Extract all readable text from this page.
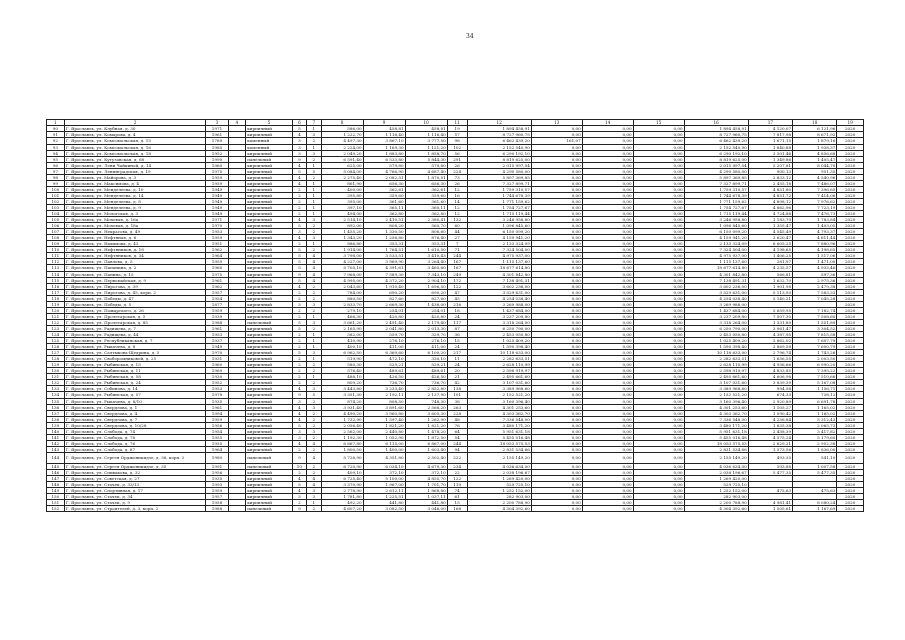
34
1	2	3	4	5	6	7	8	9	10	11	12	13	14	15	16	17	18	19
90	Г. Ярославль, ул. Клубная, д. 30	1971		кирпичный	5	1	586,00	458,81	458,81	19	1 894 458,91	0,00	0,00	0,00	1 894 458,91	4 120,07	6 121,96	2020
91	Г. Ярославль, ул. Комарова, д. 4	1961		кирпичный	4	3	1 222,70	1 116,40	1 116,40	57	8 727 960,75	0,00	0,00	0,00	8 727 960,75	7 817,98	8 671,92	2020
92	Г. Ярославль, ул. Комсомольская, д. 15	1789		каменный	3	2	4 497,30	3 867,10	3 777,50	98	6 462 439,20	161,07	0,00	0,00	6 462 439,20	1 671,15	1 879,16	2020
93	Г. Ярославль, ул. Комсомольская, д. 16	1985		каменный	3	1	2 224,00	1 169,30	1 121,20	102	2 152 540,90	0,00	0,00	0,00	2 152 540,90	1 840,88	1 938,37	2020
94	Г. Ярославль, ул. Комсомольская, д. 18	1952		кирпичный	3	3	2 049,20	1 883,80	1 858,70	56	6 290 192,10	0,00	0,00	0,00	6 290 192,10	3 501,46	4 856,68	2020
95	Г. Ярославль, ул. Кутузовская, д. 68	1990		панельный	9	2	6 591,40	6 533,80	5 844,30	291	8 819 625,00	0,00	0,00	0,00	8 819 625,00	1 349,86	1 405,47	2020
96	Г. Ярославль, ул. Лени Чайкиной, д. 14	1960		кирпичный	4	1	625,00	579,80	579,80	26	2 015 997,54	0,00	0,00	0,00	2 015 997,54	5 207,81	8 044,70	2020
97	Г. Ярославль, ул. Ленинградская, д. 19	1975		кирпичный	5	5	5 084,00	4 766,90	4 687,40	224	4 290 580,00	0,00	0,00	0,00	4 290 580,00	900,13	951,35	2020
98	Г. Ярославль, ул. Майорова, д. 3	1959		кирпичный	4	2	2 275,40	2 082,51	1 870,51	73	5 897 369,85	0,00	0,00	0,00	5 897 369,85	2 833,12	4 540,96	2020
99	Г. Ярославль, ул. Максимова, д. 4	1959		кирпичный	4	1	861,90	656,30	656,30	26	7 327 899,71	0,00	0,00	0,00	7 327 899,71	2 455,18	7 486,07	2020
100	Г. Ярославль, ул. Менделеева, д. 10	1949		кирпичный	2	1	400,00	362,61	362,61	12	1 759 310,57	0,00	0,00	0,00	1 759 310,57	4 851,80	7 396,65	2020
101	Г. Ярославль, ул. Менделеева, д. 14	1949		кирпичный	2	1	395,80	359,60	359,60	16	1 744 678,39	0,00	0,00	0,00	1 744 678,39	4 851,72	7 414,06	2020
102	Г. Ярославль, ул. Менделеева, д. 8	1949		кирпичный	2	1	395,00	361,60	361,60	14	1 771 159,62	0,00	0,00	0,00	1 771 159,62	4 898,12	7 976,62	2020
103	Г. Ярославль, ул. Менделеева, д. 9	1949		кирпичный	2	1	397,10	365,11	360,11	12	1 754 727,67	0,00	0,00	0,00	1 754 727,67	4 862,96	7 723,19	2020
104	Г. Ярославль, ул. Мологская, д. 3	1949		кирпичный	2	1	494,00	362,80	362,80	12	1 715 119,44	0,00	0,00	0,00	1 715 119,44	4 724,88	7 476,73	2020
105	Г. Ярославль, ул. Моховая, д. 16а	1971		кирпичный	4	3	2 514,10	2 410,51	2 380,41	132	3 246 958,80	0,00	0,00	0,00	3 246 958,80	1 183,70	1 783,84	2020
106	Г. Ярославль, ул. Моховая, д. 18а	1970		кирпичный	5	2	892,00	808,20	560,70	60	1 096 845,60	0,00	0,00	0,00	1 096 845,60	1 355,47	1 403,05	2020
107	Г. Ярославль, ул. Некрасова, д. 49	1953		кирпичный	3	2	1 455,20	1 330,50	806,60	44	6 150 099,20	0,00	0,00	0,00	6 150 099,20	4 545,49	4 793,37	2020
108	Г. Ярославль, ул. Нефтяная, д. 6	1959		кирпичный	4	3	1 343,20	1 256,80	876,40	27	4 159 941,20	0,00	0,00	0,00	4 159 941,20	3 620,47	4 611,44	2020
109	Г. Ярославль, ул. Нахимова, д. 43	1951		кирпичный	2	1	886,80	353,31	353,31	7	2 133 324,09	0,00	0,00	0,00	2 133 324,09	6 605,25	7 880,96	2020
110	Г. Ярославль, ул. Нефтяников, д. 18	1962		кирпичный	5	2	1 914,00	1 764,51	1 610,50	71	7 324 504,00	0,00	0,00	0,00	7 324 504,00	4 198,65	4 198,65	2020
111	Г. Ярославль, ул. Нефтяников, д. 34	1964		кирпичный	5	4	3 798,00	3 533,51	3 410,43	244	4 975 937,00	0,00	0,00	0,00	4 975 937,00	1 406,25	1 517,06	2020
112	Г. Ярославль, ул. Павлова, д. 5	1959		кирпичный	5	4	4 227,00	3 969,90	3 264,40	167	1 115 137,60	0,00	0,00	0,00	1 115 137,60	281,97	1 471,00	2020
113	Г. Ярославль, ул. Папанина, д. 2	1960		кирпичный	5	4	5 705,10	4 391,61	3 465,60	167	18 677 614,80	0,00	0,00	0,00	18 677 614,80	4 235,57	4 933,46	2020
114	Г. Ярославль, ул. Панина, д. 15	1975		кирпичный	9	4	7 968,00	7 589,30	7 343,10	249	4 301 842,80	0,00	0,00	0,00	4 301 842,80	566,81	597,36	2020
115	Г. Ярославль, ул. Первомайская, д. 9	1961		кирпичный	5	4	4 995,00	4 372,20	2 904,10	172	7 138 491,31	0,00	0,00	0,00	7 138 491,31	1 632,70	2 975,36	2020
116	Г. Ярославль, ул. Пирогова, д. 39	1962		кирпичный	4	2	2 043,60	1 910,40	1 696,50	122	3 602 236,00	0,00	0,00	0,00	3 602 236,00	1 901,98	2 479,38	2020
117	Г. Ярославль, ул. Пирогова, д. 45, корп. 2	1957		кирпичный	2	2	784,00	690,20	690,20	47	3 529 631,00	0,00	0,00	0,00	3 529 631,00	5 113,93	7 583,33	2020
118	Г. Ярославль, ул. Победы, д. 47	1954		кирпичный	2	2	880,50	827,60	827,60	45	4 254 038,40	0,00	0,00	0,00	4 254 038,40	5 140,21	7 045,28	2020
119	Г. Ярославль, ул. Победы, д. 5	1877		кирпичный	3	3	2 833,70	2 669,30	1 438,00	216	3 269 988,00	0,00	0,00	0,00	3 269 988,00			2020
120	Г. Ярославль, ул. Пожарского, д. 26	1959		кирпичный	2	2	279,10	254,01	254,01	18	1 437 684,00	0,00	0,00	0,00	1 437 684,00	5 659,95	7 182,74	2020
121	Г. Ярославль, ул. Пролетарская, д. 5	1939		кирпичный	2	1	466,30	420,80	420,80	24	3 237 209,80	0,00	0,00	0,00	3 237 209,80	7 507,30	7 508,60	2020
122	Г. Ярославль, ул. Пролетарская, д. 85	1988		панельный	5	3	3 661,20	2 491,40	2 179,40	117	3 318 264,00	0,00	0,00	0,00	3 318 264,00	1 331,89	1 551,89	2020
123	Г. Ярославль, ул. Радищева, д. 7	1961		кирпичный	5	2	2 165,90	2 041,80	2 013,30	87	6 250 790,00	0,00	0,00	0,00	6 250 790,00	3 061,47	3 304,52	2020
124	Г. Ярославль, ул. Радищева, д. 44	1953		кирпичный	2	1	582,00	559,70	329,70	36	2 453 050,80	0,00	0,00	0,00	2 453 050,80	4 387,95	7 815,58	2020
125	Г. Ярославль, ул. Республиканская, д. 7	1937		кирпичный	2	1	410,90	276,10	276,10	15	1 025 409,20	0,00	0,00	0,00	1 025 409,20	3 862,02	7 607,79	2020
126	Г. Ярославль, ул. Рыкачева, д. 8	1949		кирпичный	2	1	400,10	411,00	411,00	24	1 590 398,40	0,00	0,00	0,00	1 590 398,40	3 869,58	7 600,79	2020
127	Г. Ярославль, ул. Салтыкова-Щедрина, д. 5	1970		кирпичный	5	3	6 962,50	6 369,60	6 100,20	217	10 118 633,00	0,00	0,00	0,00	10 118 633,00	2 796,74	1 743,26	2020
128	Г. Ярославль, ул. Своборомниковой, д. 25	1931		кирпичный	2	1	519,90	472,10	330,10	11	2 282 633,51	0,00	0,00	0,00	2 282 633,51	1 656,55	2 003,50	2020
129	Г. Ярославль, ул. Рыбинская, д. 15	1960		кирпичный	2	2	580,30	529,21	529,21	24	2 628 110,99	0,00	0,00	0,00	2 628 110,99	4 936,66	6 990,20	2020
130	Г. Ярославль, ул. Рыбинская, д. 11	1969		кирпичный	2	2	576,40	489,61	489,61	20	2 598 919,97	0,00	0,00	0,00	2 598 919,97	4 833,85	7 395,22	2020
131	Г. Ярославль, ул. Рыбинская, д. 58	1930		кирпичный	2	1	488,10	426,50	426,50	21	2 495 661,60	0,00	0,00	0,00	2 495 661,60	4 606,98	7 510,66	2020
132	Г. Ярославль, ул. Рыбинская, д. 24	1952		кирпичный	2	2	809,20	736,70	736,70	42	3 107 031,60	0,00	0,00	0,00	3 107 031,60	3 839,39	5 167,08	2020
133	Г. Ярославль, ул. Собинова, д. 14	1953		кирпичный	4	3	3 443,80	3 233,40	2 852,80	138	3 389 968,60	0,00	0,00	0,00	3 389 968,60	994,58	1 156,71	2020
134	Г. Ярославль, ул. Рыбинская, д. 57	1978		кирпичный	9	5	3 351,30	2 192,11	2 137,90	101	2 152 521,20	0,00	0,00	0,00	2 152 521,20	674,33	738,12	2020
135	Г. Ярославль, ул. Рыкачева, д. 8/10	1935		кирпичный	3	2	874,20	808,50	748,30	38	3 160 396,40	0,00	0,00	0,00	3 160 396,40	2 920,89	6 691,78	2020
136	Г. Ярославль, ул. Свердлова, д. 1	1961		кирпичный	4	3	3 931,40	3 891,60	2 568,20	263	4 301 253,60	0,00	0,00	0,00	4 301 253,60	1 105,27	1 165,02	2020
137	Г. Ярославль, ул. Свердлова, д. 4	1994		кирпичный	4	2	4 490,20	3 960,80	3 605,30	228	4 303 362,70	0,00	0,00	0,00	4 303 362,70	1 090,42	1 165,02	2020
138	Г. Ярославль, ул. Свердлова, д. 7	1959		кирпичный	4	2	1 732,90	1 597,40	1 262,90	48	7 336 548,00	0,00	0,00	0,00	7 336 548,00	4 236,84	5 312,43	2020
139	Г. Ярославль, ул. Свердлова, д. 10/28	1956		кирпичный	5	2	2 056,40	1 821,20	1 821,20	76	3 480 171,20	0,00	0,00	0,00	3 480 171,20	1 835,38	2 065,73	2020
140	Г. Ярославль, ул. Слобода, д. 74	1954		кирпичный	3	3	2 562,00	2 440,80	1 478,20	64	5 951 631,18	0,00	0,00	0,00	5 951 631,18	2 438,39	3 417,82	2020
141	Г. Ярославль, ул. Слобода, д. 78	1955		кирпичный	3	2	1 192,30	1 052,90	1 872,50	54	5 455 016,48	0,00	0,00	0,00	5 455 016,48	4 575,24	5 179,60	2020
142	Г. Ярославль, ул. Слобода, д. 76	1955		кирпичный	4	4	6 867,80	6 115,00	6 867,00	244	18 053 575,53	0,00	0,00	0,00	18 053 575,53	2 629,21	2 952,38	2020
143	Г. Ярославль, ул. Слобода, д. 87	1964		кирпичный	2	2	1 800,50	1 400,00	1 603,40	94	2 831 534,66	0,00	0,00	0,00	2 831 534,66	1 573,56	1 836,00	2020
144	Г. Ярославль, ул. Сергея Орджоникидзе, д. 36, корп. 2	1980		панельный	9	4	5 726,90	4 351,80	2 502,40	222	2 155 149,20	0,00	0,00	0,00	2 155 149,20	493,35	541,10	2020
145	Г. Ярославль, ул. Сергея Орджоникидзе, д. 35	1991		панельный	10	2	6 720,90	6 034,10	4 679,30	234	4 036 634,00	0,00	0,00	0,00	4 036 634,00	593,88	1 007,58	2020
146	Г. Ярославль, ул. Спивакова, д. 32	1956		кирпичный	2	2	409,10	372,10	372,10	22	2 038 196,67	0,00	0,00	0,00	2 038 196,67	5 477,35	5 477,35	2020
147	Г. Ярославль, ул. Советская, д. 27	1935		кирпичный	4	4	6 725,40	5 100,00	4 855,70	122	1 269 420,00	0,00	0,00	0,00	1 269 420,00			2020
148	Г. Ярославль, ул. Стачек, д. 33/13	1993		кирпичный	5	4	3 370,90	1 967,00	1 701,70	119	529 725,10	0,00	0,00	0,00	529 725,10			2020
149	Г. Ярославль, ул. Спортивная, д. 17	1959		кирпичный	4	3	2 778,90	2 612,11	1 868,80	74	1 252 152,00	0,00	0,00	0,00	1 252 152,00	475,63	475,63	2020
150	Г. Ярославль, ул. Стачек, д. 34	1957		кирпичный	3	3	1 781,80	1 225,51	1 037,11	61	282 903,00	0,00	0,00	0,00	282 903,00			2020
151	Г. Ярославль, ул. Стачек, д. 9	1958		кирпичный	2	1	492,20	441,80	441,80	15	2 200 788,90	0,00	0,00	0,00	2 200 788,90	4 981,41	8 080,24	2020
152	Г. Ярославль, ул. Строителей, д. 3, корп. 2	1988		панельный	9	2	4 607,20	3 082,50	3 046,00	168	4 304 392,60	0,00	0,00	0,00	4 304 392,60	1 505,61	1 167,69	2020
